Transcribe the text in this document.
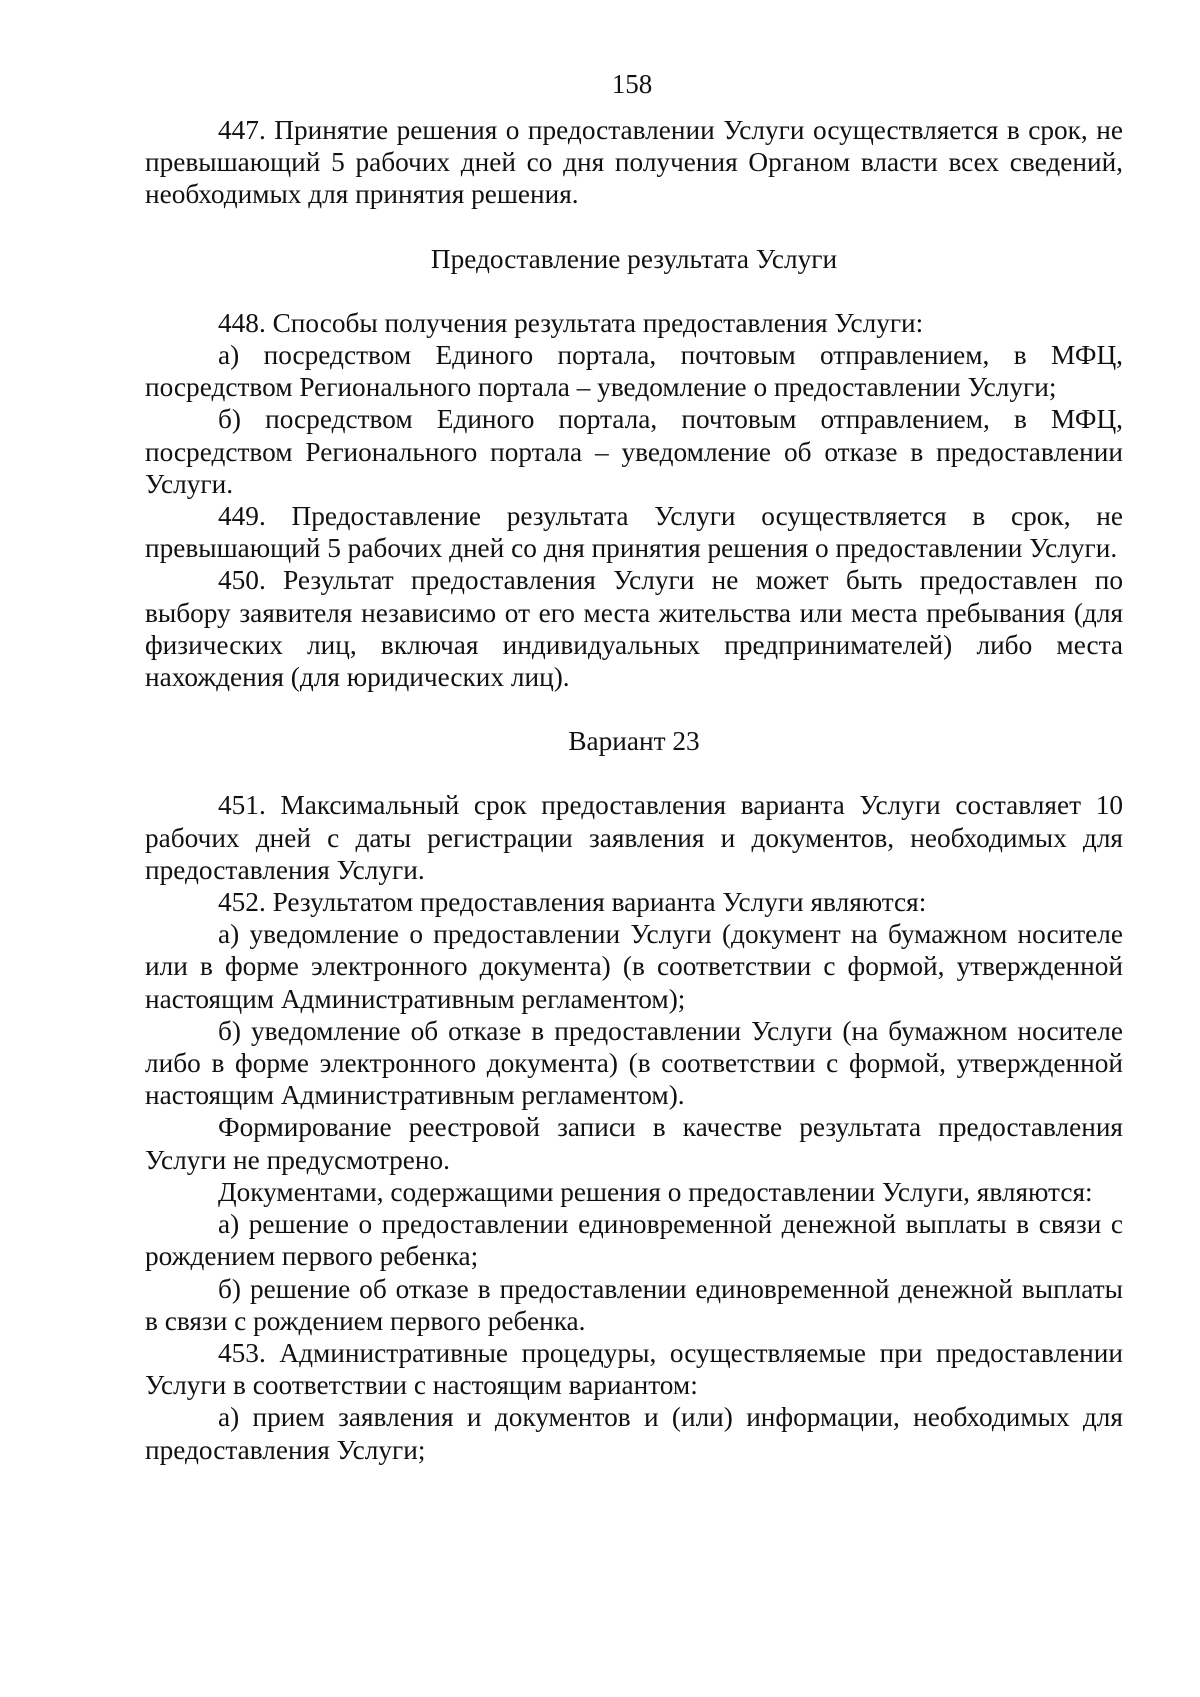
158

447. Принятие решения о предоставлении Услуги осуществляется в срок, не превышающий 5 рабочих дней со дня получения Органом власти всех сведений, необходимых для принятия решения.

Предоставление результата Услуги

448. Способы получения результата предоставления Услуги:

а) посредством Единого портала, почтовым отправлением, в МФЦ, посредством Регионального портала – уведомление о предоставлении Услуги;

б) посредством Единого портала, почтовым отправлением, в МФЦ, посредством Регионального портала – уведомление об отказе в предоставлении Услуги.

449. Предоставление результата Услуги осуществляется в срок, не превышающий 5 рабочих дней со дня принятия решения о предоставлении Услуги.

450. Результат предоставления Услуги не может быть предоставлен по выбору заявителя независимо от его места жительства или места пребывания (для физических лиц, включая индивидуальных предпринимателей) либо места нахождения (для юридических лиц).

Вариант 23

451. Максимальный срок предоставления варианта Услуги составляет 10 рабочих дней с даты регистрации заявления и документов, необходимых для предоставления Услуги.

452. Результатом предоставления варианта Услуги являются:

а) уведомление о предоставлении Услуги (документ на бумажном носителе или в форме электронного документа) (в соответствии с формой, утвержденной настоящим Административным регламентом);

б) уведомление об отказе в предоставлении Услуги (на бумажном носителе либо в форме электронного документа) (в соответствии с формой, утвержденной настоящим Административным регламентом).

Формирование реестровой записи в качестве результата предоставления Услуги не предусмотрено.

Документами, содержащими решения о предоставлении Услуги, являются:

а) решение о предоставлении единовременной денежной выплаты в связи с рождением первого ребенка;

б) решение об отказе в предоставлении единовременной денежной выплаты в связи с рождением первого ребенка.

453. Административные процедуры, осуществляемые при предоставлении Услуги в соответствии с настоящим вариантом:

а) прием заявления и документов и (или) информации, необходимых для предоставления Услуги;
